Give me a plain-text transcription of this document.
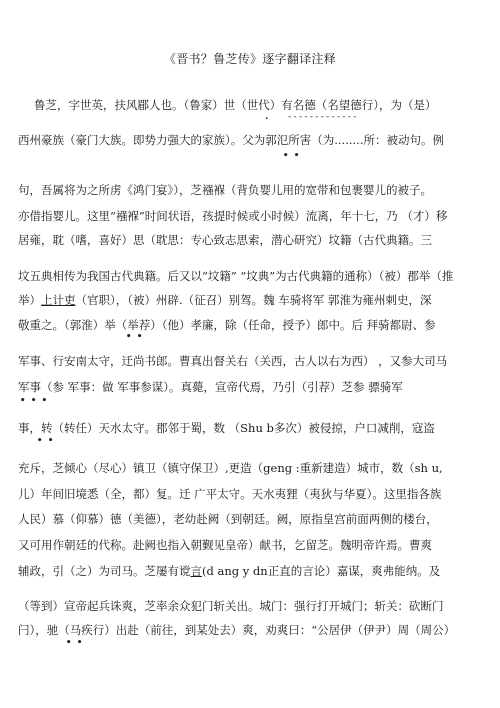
《晋书？鲁芝传》逐字翻译注释
鲁芝，字世英，扶风郿人也。（鲁家）世（世代）有名德（名望德行），为（是）
-------------
.
西州豪族（豪门大族。即势力强大的家族）。父为郭氾所害（为........所：被动句。例
• •
句，吾属将为之所虏《鸿门宴》），芝襁褓（背负婴儿用的宽带和包裹婴儿的被子。
亦借指婴儿。这里“襁褓”时间状语，孩提时候或小时候）流离，年十七，乃 （才）移
居雍，耽（嗜，喜好）思（耽思：专心致志思索，潜心研究）坟籍（古代典籍。三
坟五典相传为我国古代典籍。后又以“坟籍” “坟典”为古代典籍的通称）（被）郡举（推
举）上计吏（官职），（被）州辟.（征召）别驾。魏 车骑将军 郭淮为雍州刺史，深
敬重之。（郭淮）举（举荐）（他）孝廉，除（任命，授予）郎中。后 拜骑都尉、参
• •
军事、行安南太守，迁尚书郎。曹真出督关右（关西，古人以右为西） ，又参大司马
军事（参 军事：做 军事参谋）。真薨，宣帝代焉，乃引（引荐）芝参 骠骑军
• • •
事，转（转任）天水太守。郡邻于蜀，数 （Shu b多次）被侵掠，户口减削，寇盗
• •
充斥，芝倾心（尽心）镇卫（镇守保卫）,更造（geng :重新建造）城市，数（sh u,
儿）年间旧境悉（全，都）复。迁 广平太守。天水夷狸（夷狄与华夏）。这里指各族
人民）慕（仰慕）德（美德），老幼赴阙（到朝廷。阙，原指皇宫前面两侧的楼台，
又可用作朝廷的代称。赴阙也指入朝觐见皇帝）献书，乞留芝。魏明帝许焉。曹爽
辅政，引（之）为司马。芝屡有谠言(d ang y dn正直的言论）嘉谋，爽弗能纳。及
（等到）宣帝起兵诛爽，芝率余众犯门斩关出。城门：强行打开城门；斩关：砍断门
闩），驰（马疾行）出赴（前往，到某处去）爽，劝爽曰：“公居伊（伊尹）周（周公）
• •
